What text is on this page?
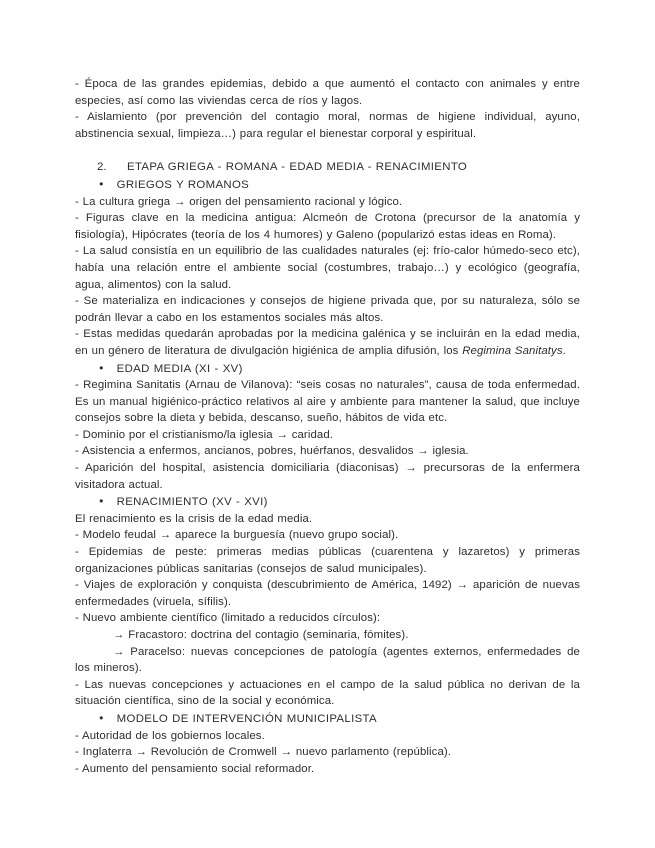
- Época de las grandes epidemias, debido a que aumentó el contacto con animales y entre especies, así como las viviendas cerca de ríos y lagos.

- Aislamiento (por prevención del contagio moral, normas de higiene individual, ayuno, abstinencia sexual, limpieza…) para regular el bienestar corporal y espiritual.

2. ETAPA GRIEGA - ROMANA - EDAD MEDIA - RENACIMIENTO

● GRIEGOS Y ROMANOS

- La cultura griega → origen del pensamiento racional y lógico.

- Figuras clave en la medicina antigua: Alcmeón de Crotona (precursor de la anatomía y fisiología), Hipócrates (teoría de los 4 humores) y Galeno (popularizó estas ideas en Roma).

- La salud consistía en un equilibrio de las cualidades naturales (ej: frío-calor húmedo-seco etc), había una relación entre el ambiente social (costumbres, trabajo…) y ecológico (geografía, agua, alimentos) con la salud.

- Se materializa en indicaciones y consejos de higiene privada que, por su naturaleza, sólo se podrán llevar a cabo en los estamentos sociales más altos.

- Estas medidas quedarán aprobadas por la medicina galénica y se incluirán en la edad media, en un género de literatura de divulgación higiénica de amplia difusión, los Regimina Sanitatys.

● EDAD MEDIA (XI - XV)

- Regimina Sanitatis (Arnau de Vilanova): “seis cosas no naturales”, causa de toda enfermedad. Es un manual higiénico-práctico relativos al aire y ambiente para mantener la salud, que incluye consejos sobre la dieta y bebida, descanso, sueño, hábitos de vida etc.

- Dominio por el cristianismo/la iglesia → caridad.

- Asistencia a enfermos, ancianos, pobres, huérfanos, desvalidos → iglesia.

- Aparición del hospital, asistencia domiciliaria (diaconisas) → precursoras de la enfermera visitadora actual.

● RENACIMIENTO (XV - XVI)

El renacimiento es la crisis de la edad media.

- Modelo feudal → aparece la burguesía (nuevo grupo social).

- Epidemias de peste: primeras medias públicas (cuarentena y lazaretos) y primeras organizaciones públicas sanitarias (consejos de salud municipales).

- Viajes de exploración y conquista (descubrimiento de América, 1492) → aparición de nuevas enfermedades (viruela, sífilis).

- Nuevo ambiente científico (limitado a reducidos círculos):

→ Fracastoro: doctrina del contagio (seminaria, fómites).

→ Paracelso: nuevas concepciones de patología (agentes externos, enfermedades de los mineros).

- Las nuevas concepciones y actuaciones en el campo de la salud pública no derivan de la situación científica, sino de la social y económica.

● MODELO DE INTERVENCIÓN MUNICIPALISTA

- Autoridad de los gobiernos locales.

- Inglaterra → Revolución de Cromwell → nuevo parlamento (república).

- Aumento del pensamiento social reformador.
